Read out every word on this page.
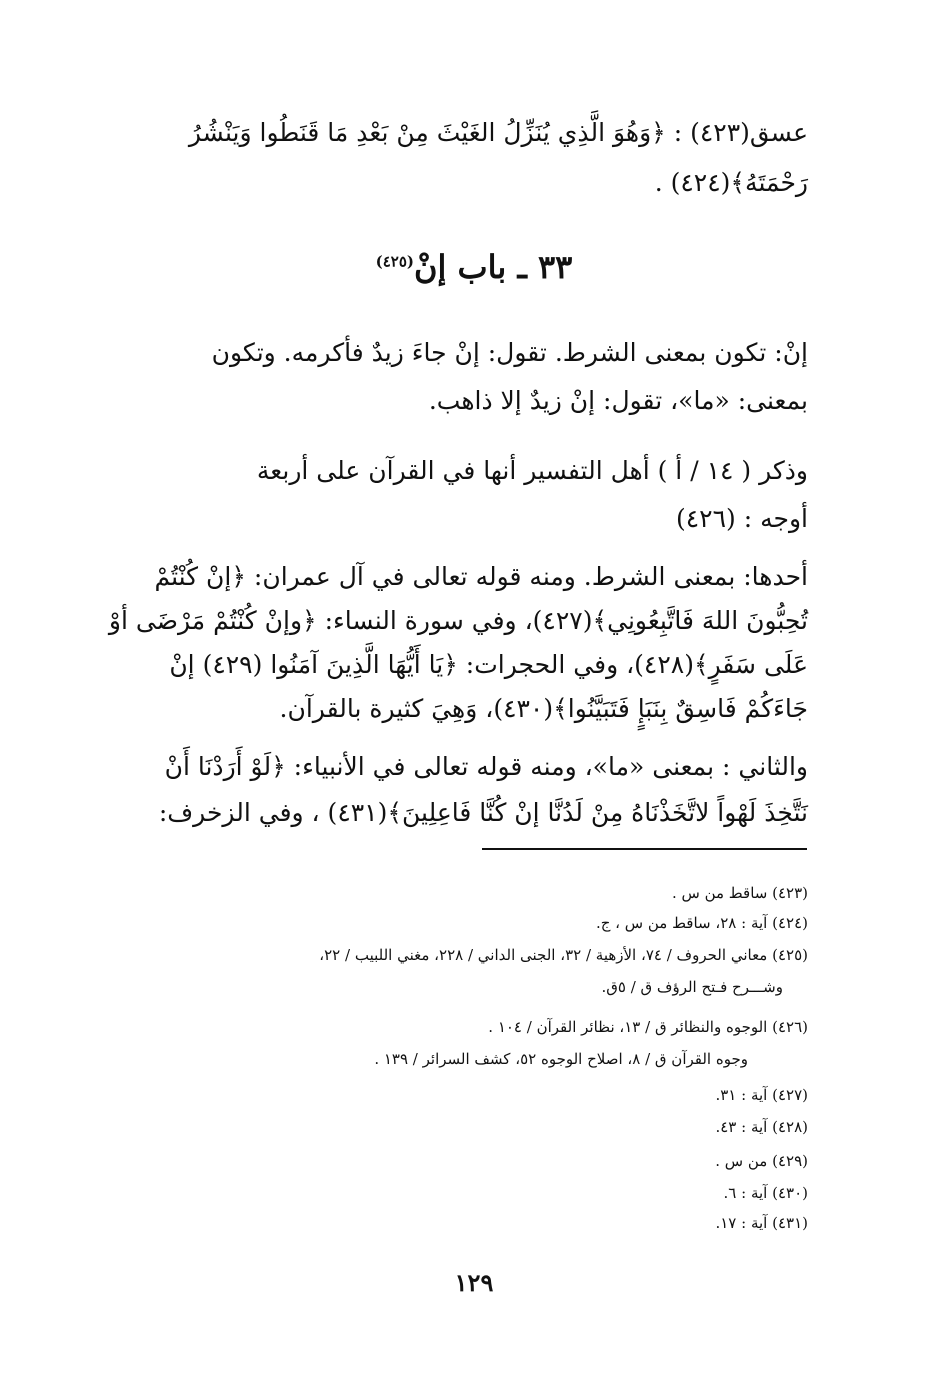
عسق(٤٢٣) : ﴿وَهُوَ الَّذِي يُنَزِّلُ الغَيْثَ مِنْ بَعْدِ مَا قَنَطُوا وَيَنْشُرُ
رَحْمَتَهُ﴾(٤٢٤) .
٣٣ ـ باب إنْ$^{(٤٢٥)}$
إنْ: تكون بمعنى الشرط. تقول: إنْ جاءَ زيدٌ فأكرمه. وتكون
بمعنى: «ما»، تقول: إنْ زيدٌ إلا ذاهب.
وذكر ( ١٤ / أ ) أهل التفسير أنها في القرآن على أربعة
أوجه : (٤٢٦)
أحدها: بمعنى الشرط. ومنه قوله تعالى في آل عمران: ﴿إنْ كُنْتُمْ
تُحِبُّونَ اللهَ فَاتَّبِعُونِي﴾(٤٢٧)، وفي سورة النساء: ﴿وإنْ كُنْتُمْ مَرْضَى أوْ
عَلَى سَفَرٍ﴾(٤٢٨)، وفي الحجرات: ﴿يَا أَيُّهَا الَّذِينَ آمَنُوا (٤٢٩) إنْ
جَاءَكُمْ فَاسِقٌ بِنَبَإٍ فَتَبَيَّنُوا﴾(٤٣٠)، وَهِيَ كثيرة بالقرآن.
والثاني : بمعنى «ما»، ومنه قوله تعالى في الأنبياء: ﴿لَوْ أَرَدْنَا أَنْ
نَتَّخِذَ لَهْواً لاتَّخَذْنَاهُ مِنْ لَدُنَّا إنْ كُنَّا فَاعِلِينَ﴾(٤٣١) ، وفي الزخرف:
(٤٢٣) ساقط من س .
(٤٢٤) آية : ٢٨، ساقط من س ، ج.
(٤٢٥) معاني الحروف / ٧٤، الأزهية / ٣٢، الجنى الداني / ٢٢٨، مغني اللبيب / ٢٢،
وشـــرح فـتح الرؤف ق / ٥ق.
(٤٢٦) الوجوه والنظائر ق / ١٣، نظائر القرآن / ١٠٤ .
وجوه القرآن ق / ٨، اصلاح الوجوه ٥٢، كشف السرائر / ١٣٩ .
(٤٢٧) آية : ٣١.
(٤٢٨) آية : ٤٣.
(٤٢٩) من س .
(٤٣٠) آية : ٦.
(٤٣١) آية : ١٧.
١٢٩
